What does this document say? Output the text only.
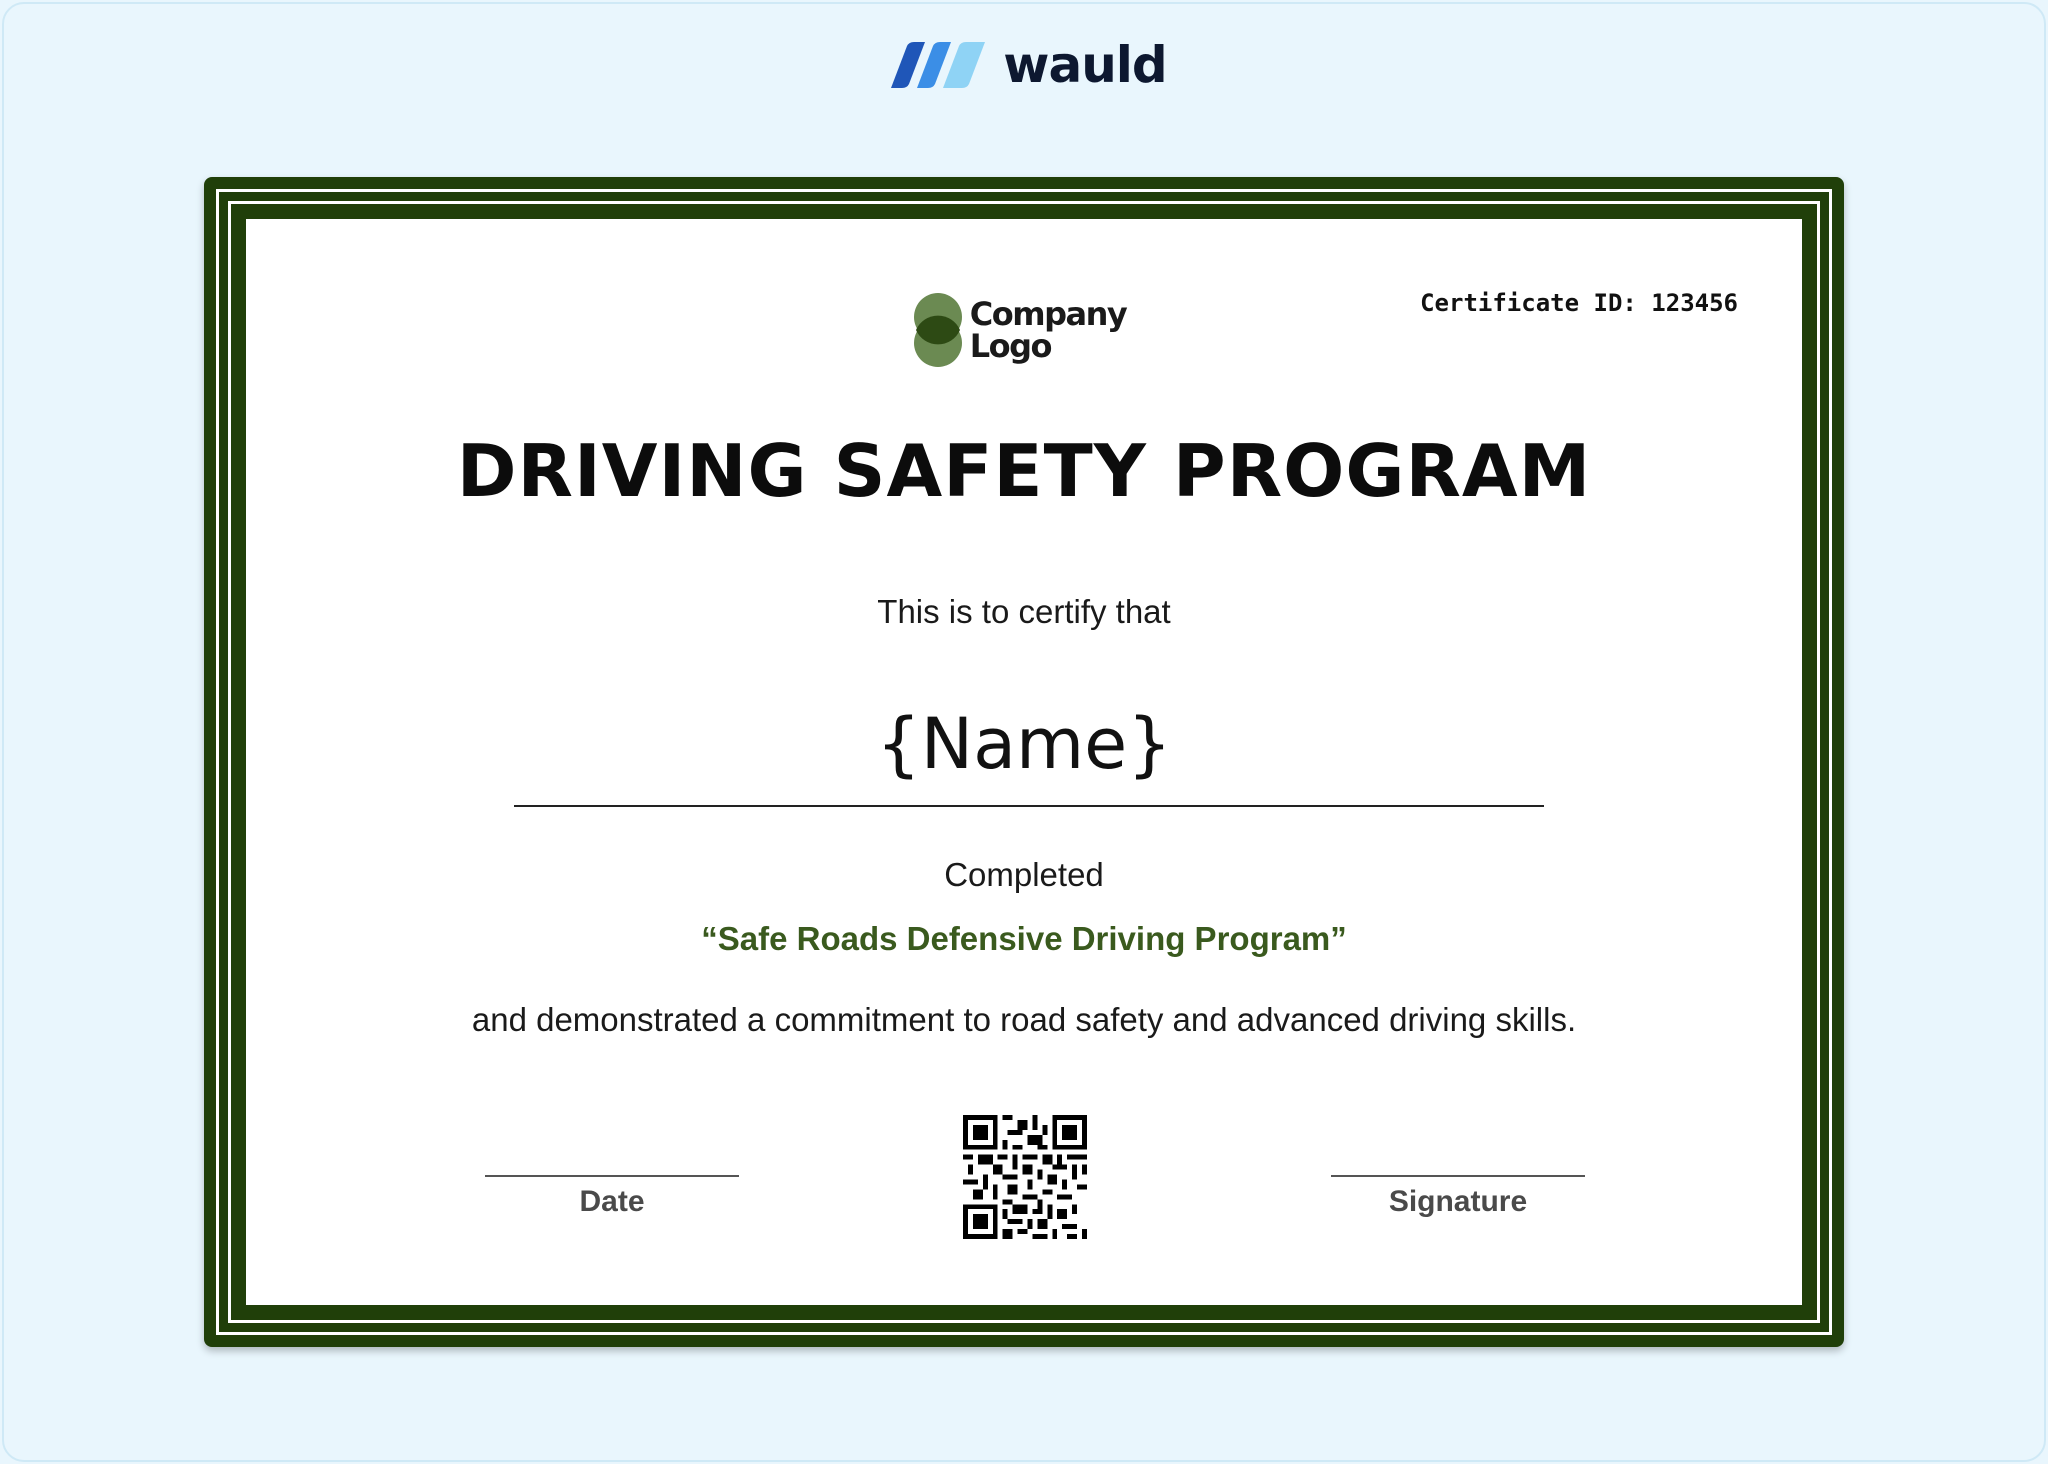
wauld
Certificate ID: 123456
Company
Logo
DRIVING SAFETY PROGRAM
This is to certify that
{Name}
Completed
“Safe Roads Defensive Driving Program”
and demonstrated a commitment to road safety and advanced driving skills.
Date	Signature
